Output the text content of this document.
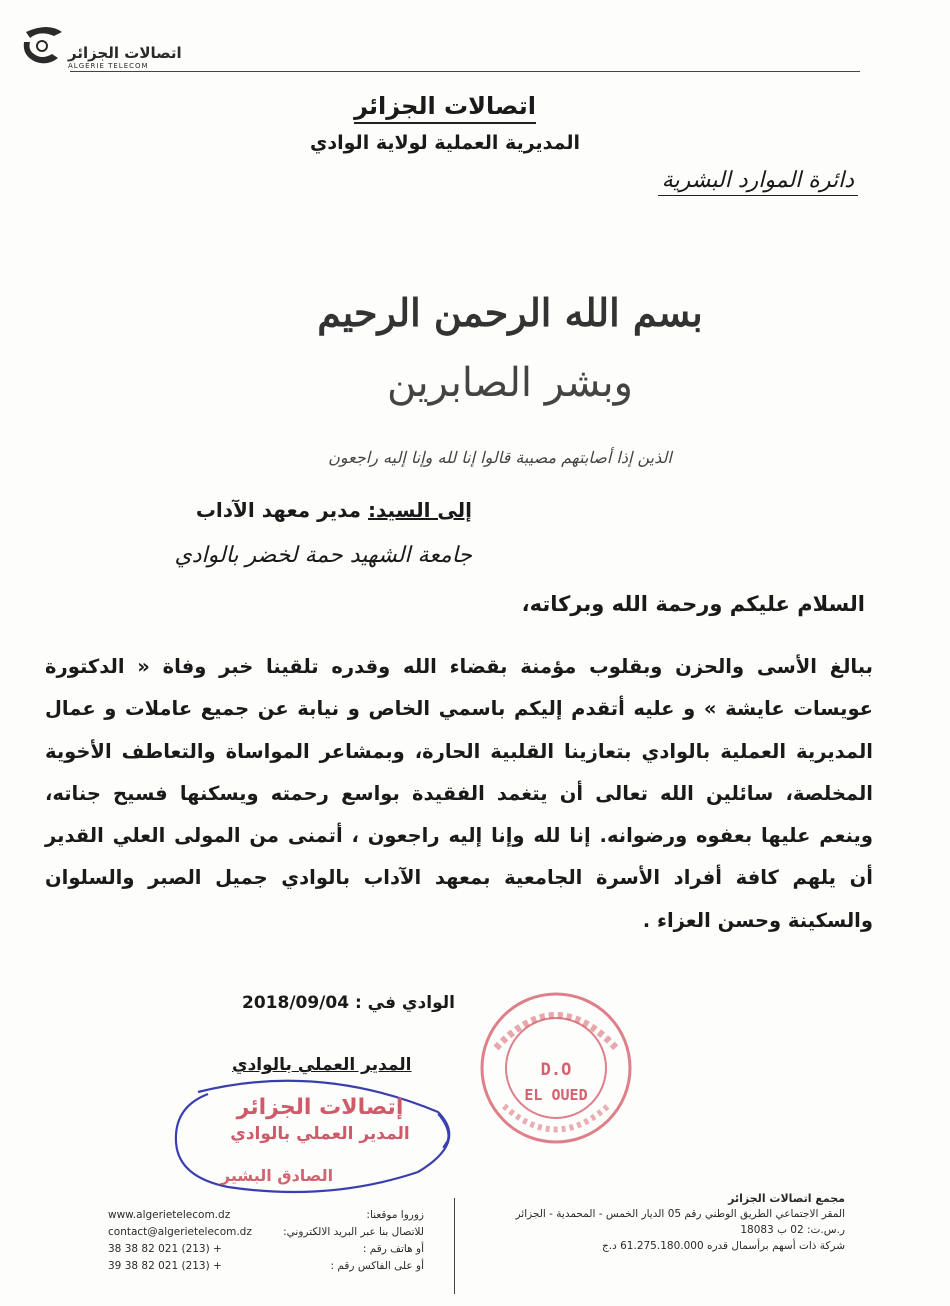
اتصالات الجزائر
ALGERIE TELECOM
اتصالات الجزائر
المديرية العملية لولاية الوادي
دائرة الموارد البشرية
بسم الله الرحمن الرحيم
وبشر الصابرين
الذين إذا أصابتهم مصيبة قالوا إنا لله وإنا إليه راجعون
إلى السيد: مدير معهد الآداب
جامعة الشهيد حمة لخضر بالوادي
السلام عليكم ورحمة الله وبركاته،
ببالغ الأسى والحزن وبقلوب مؤمنة بقضاء الله وقدره تلقينا خبر وفاة « الدكتورة عويسات عايشة » و عليه أتقدم إليكم باسمي الخاص و نيابة عن جميع عاملات و عمال المديرية العملية بالوادي بتعازينا القلبية الحارة، وبمشاعر المواساة والتعاطف الأخوية المخلصة، سائلين الله تعالى أن يتغمد الفقيدة بواسع رحمته ويسكنها فسيح جناته، وينعم عليها بعفوه ورضوانه. إنا لله وإنا إليه راجعون ، أتمنى من المولى العلي القدير أن يلهم كافة أفراد الأسرة الجامعية بمعهد الآداب بالوادي جميل الصبر والسلوان والسكينة وحسن العزاء .
الوادي في : 2018/09/04
D.O
EL OUED
المدير العملي بالوادي
إتصالات الجزائر
المدير العملي بالوادي
الصادق البشير
www.algerietelecom.dz	زوروا موقعنا:
contact@algerietelecom.dz	للاتصال بنا عبر البريد الالكتروني:
38 38 82 021 (213) +	أو هاتف رقم :
39 38 82 021 (213) +	أو على الفاكس رقم :
مجمع اتصالات الجزائر
المقر الاجتماعي الطريق الوطني رقم 05 الديار الخمس - المحمدية - الجزائر
ر.س.ت: 02 ب 18083
شركة ذات أسهم برأسمال قدره 61.275.180.000 د.ج
